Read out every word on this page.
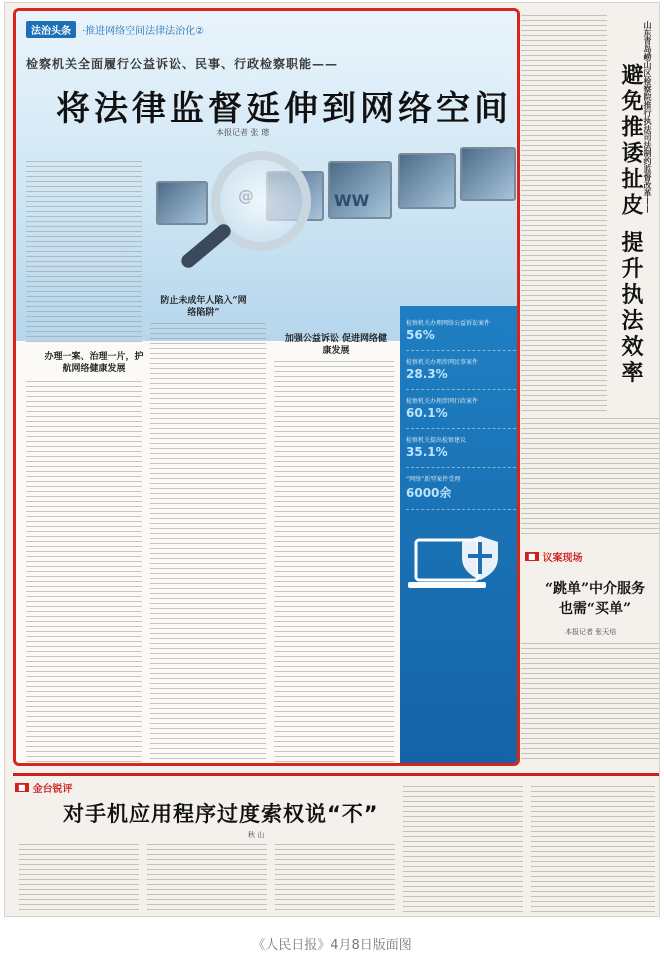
法治头条	·推进网络空间法律法治化②
检察机关全面履行公益诉讼、民事、行政检察职能——
将法律监督延伸到网络空间
本报记者 张 璁
WW
办理一案、治理一片，护航网络健康发展
防止未成年人陷入“网络陷阱”
加强公益诉讼 促进网络健康发展
检察机关办理网络公益诉讼案件
56%
检察机关办理涉网民事案件
28.3%
检察机关办理涉网行政案件
60.1%
检察机关提出检察建议
35.1%
“网络”新型案件受理
6000余
山东青岛崂山区检察院推行执法司法制约监督改革——
避免推诿扯皮 提升执法效率
■ 议案现场
“跳单”中介服务
也需“买单”
本报记者 张天培
■ 金台锐评
对手机应用程序过度索权说“不”
秋 山
《人民日报》4月8日版面图
